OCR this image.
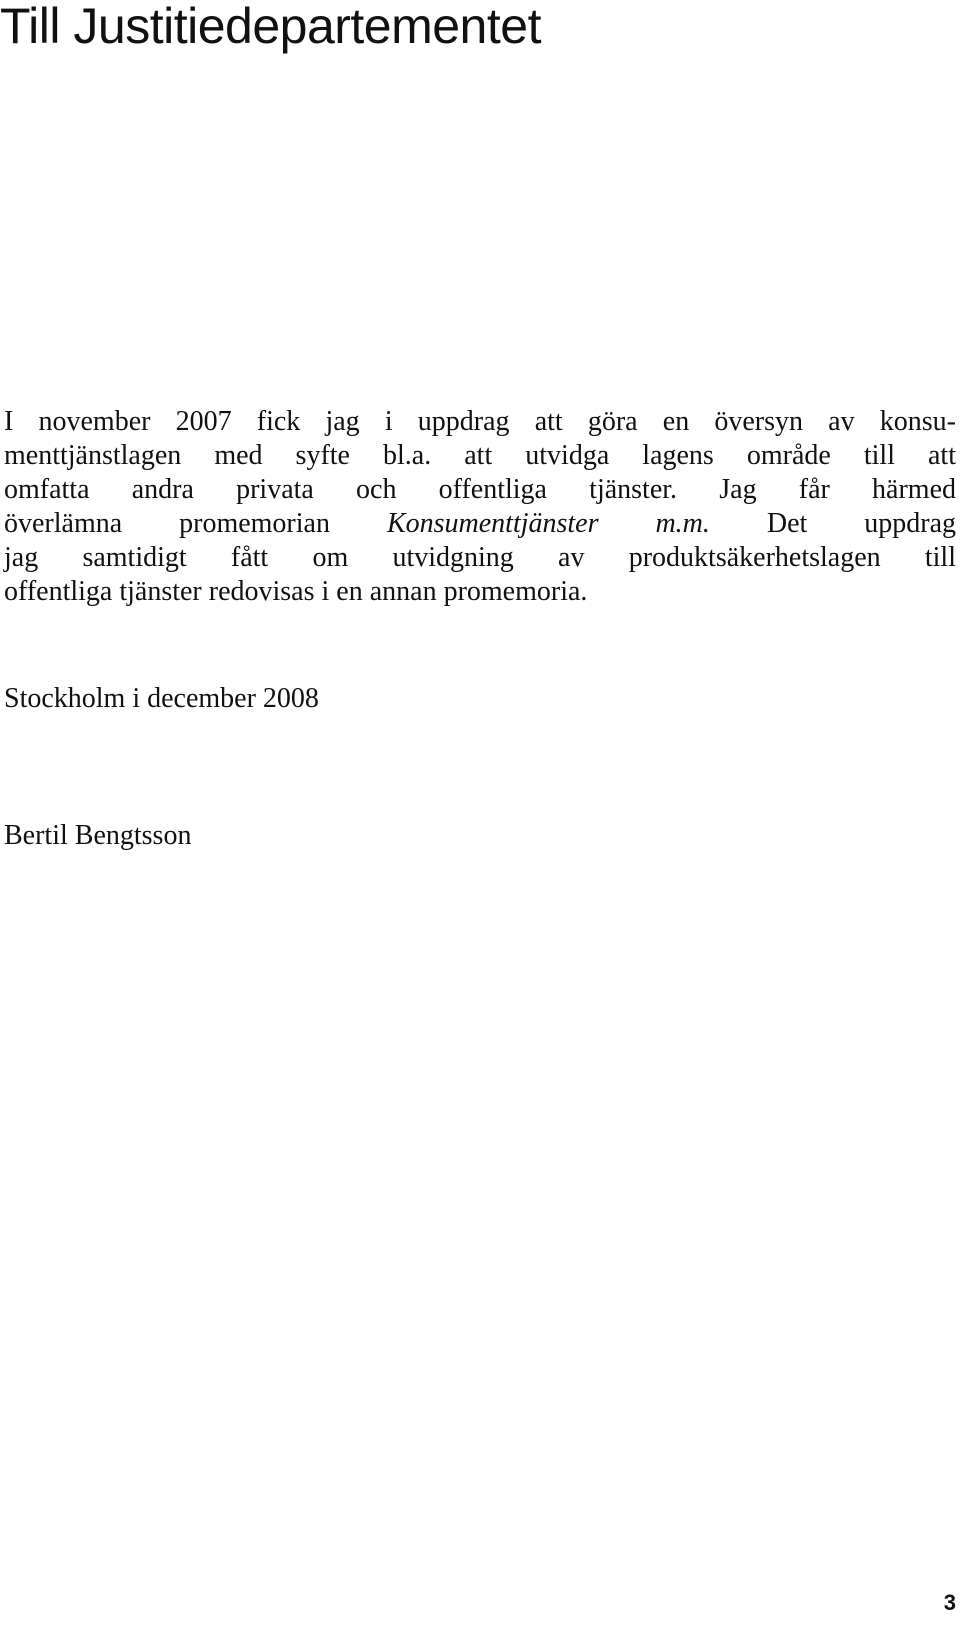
Till Justitiedepartementet
I november 2007 fick jag i uppdrag att göra en översyn av konsu-
menttjänstlagen med syfte bl.a. att utvidga lagens område till att
omfatta andra privata och offentliga tjänster. Jag får härmed
överlämna promemorian Konsumenttjänster m.m. Det uppdrag
jag samtidigt fått om utvidgning av produktsäkerhetslagen till
offentliga tjänster redovisas i en annan promemoria.

Stockholm i december 2008

Bertil Bengtsson

3
